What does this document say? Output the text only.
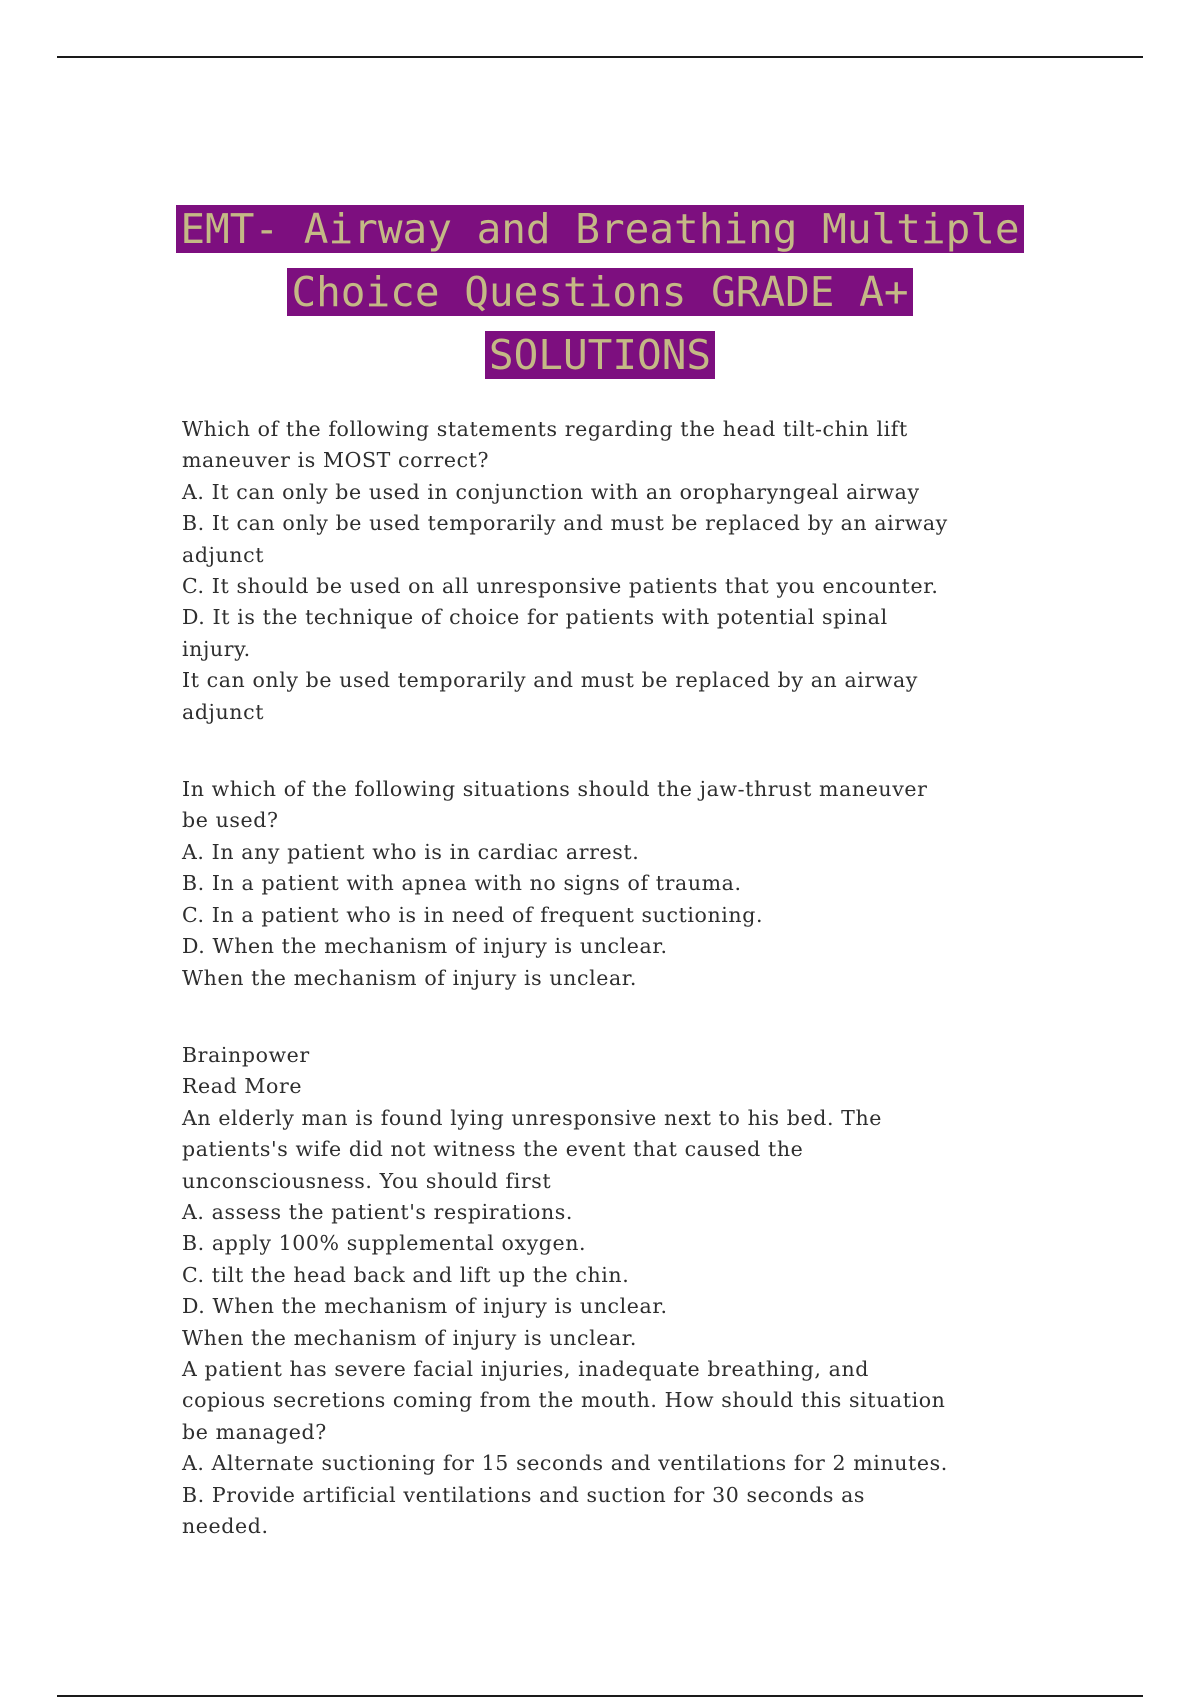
EMT- Airway and Breathing Multiple
Choice Questions GRADE A+
SOLUTIONS
Which of the following statements regarding the head tilt-chin lift
maneuver is MOST correct?
A. It can only be used in conjunction with an oropharyngeal airway
B. It can only be used temporarily and must be replaced by an airway
adjunct
C. It should be used on all unresponsive patients that you encounter.
D. It is the technique of choice for patients with potential spinal
injury.
It can only be used temporarily and must be replaced by an airway
adjunct
In which of the following situations should the jaw-thrust maneuver
be used?
A. In any patient who is in cardiac arrest.
B. In a patient with apnea with no signs of trauma.
C. In a patient who is in need of frequent suctioning.
D. When the mechanism of injury is unclear.
When the mechanism of injury is unclear.
Brainpower
Read More
An elderly man is found lying unresponsive next to his bed. The
patients's wife did not witness the event that caused the
unconsciousness. You should first
A. assess the patient's respirations.
B. apply 100% supplemental oxygen.
C. tilt the head back and lift up the chin.
D. When the mechanism of injury is unclear.
When the mechanism of injury is unclear.
A patient has severe facial injuries, inadequate breathing, and
copious secretions coming from the mouth. How should this situation
be managed?
A. Alternate suctioning for 15 seconds and ventilations for 2 minutes.
B. Provide artificial ventilations and suction for 30 seconds as
needed.
